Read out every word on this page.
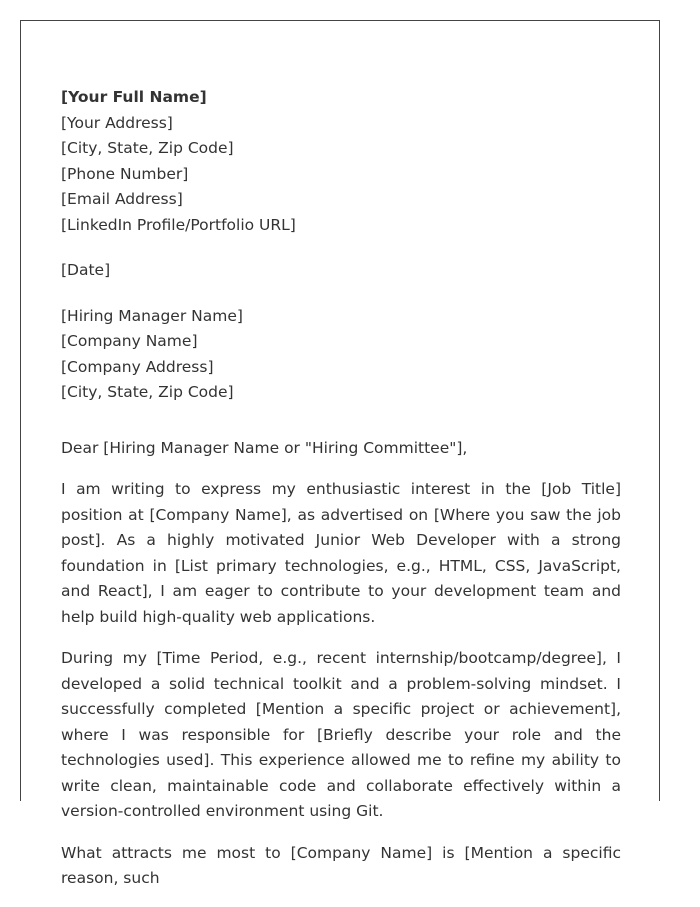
[Your Full Name]
[Your Address]
[City, State, Zip Code]
[Phone Number]
[Email Address]
[LinkedIn Profile/Portfolio URL]
[Date]
[Hiring Manager Name]
[Company Name]
[Company Address]
[City, State, Zip Code]
Dear [Hiring Manager Name or "Hiring Committee"],

I am writing to express my enthusiastic interest in the [Job Title] position at [Company Name], as advertised on [Where you saw the job post]. As a highly motivated Junior Web Developer with a strong foundation in [List primary technologies, e.g., HTML, CSS, JavaScript, and React], I am eager to contribute to your development team and help build high-quality web applications.

During my [Time Period, e.g., recent internship/bootcamp/degree], I developed a solid technical toolkit and a problem-solving mindset. I successfully completed [Mention a specific project or achievement], where I was responsible for [Briefly describe your role and the technologies used]. This experience allowed me to refine my ability to write clean, maintainable code and collaborate effectively within a version-controlled environment using Git.

What attracts me most to [Company Name] is [Mention a specific reason, such
